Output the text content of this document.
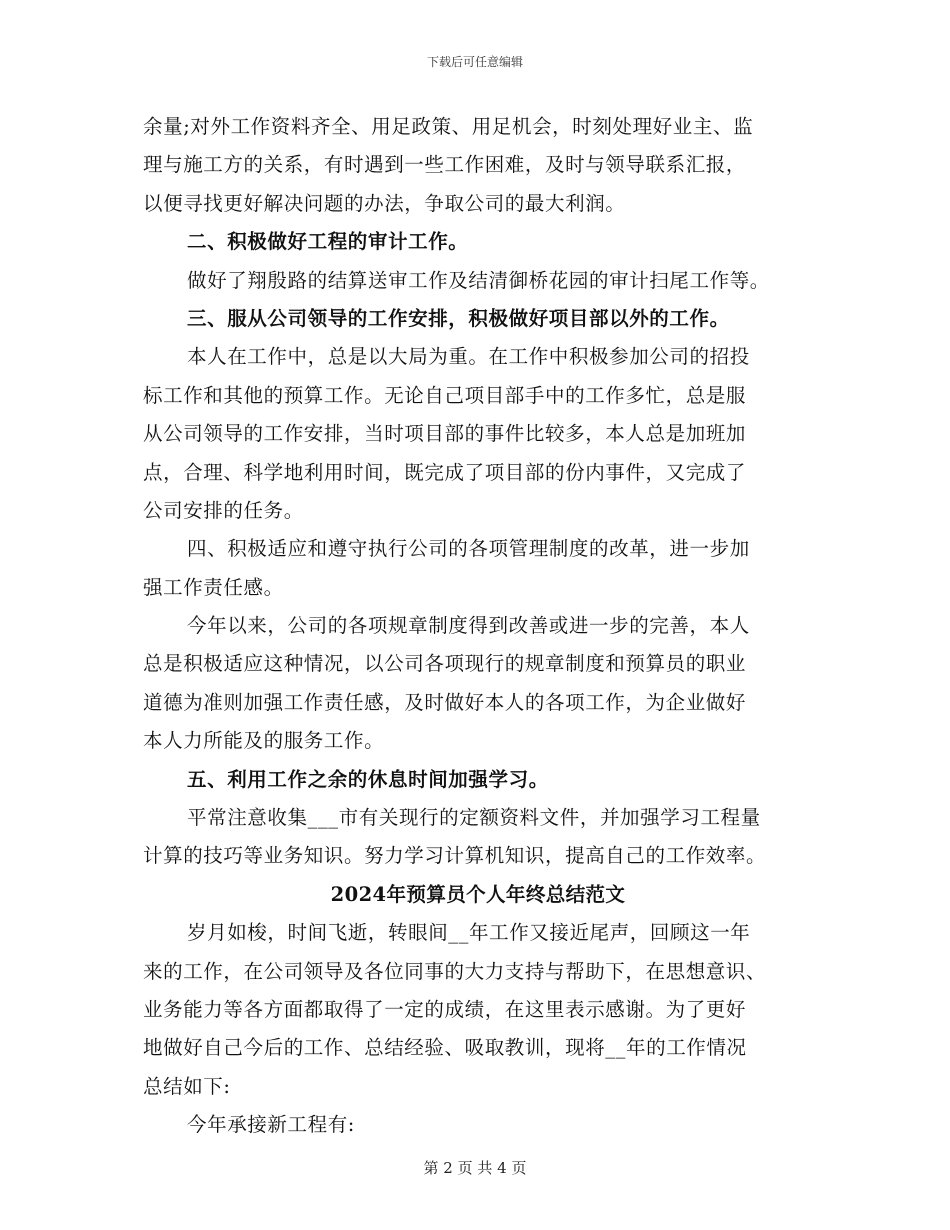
下载后可任意编辑
余量;对外工作资料齐全、用足政策、用足机会，时刻处理好业主、监
理与施工方的关系，有时遇到一些工作困难，及时与领导联系汇报，
以便寻找更好解决问题的办法，争取公司的最大利润。
二、积极做好工程的审计工作。
做好了翔殷路的结算送审工作及结清御桥花园的审计扫尾工作等。
三、服从公司领导的工作安排，积极做好项目部以外的工作。
本人在工作中，总是以大局为重。在工作中积极参加公司的招投
标工作和其他的预算工作。无论自己项目部手中的工作多忙，总是服
从公司领导的工作安排，当时项目部的事件比较多，本人总是加班加
点，合理、科学地利用时间，既完成了项目部的份内事件，又完成了
公司安排的任务。
四、积极适应和遵守执行公司的各项管理制度的改革，进一步加
强工作责任感。
今年以来，公司的各项规章制度得到改善或进一步的完善，本人
总是积极适应这种情况，以公司各项现行的规章制度和预算员的职业
道德为准则加强工作责任感，及时做好本人的各项工作，为企业做好
本人力所能及的服务工作。
五、利用工作之余的休息时间加强学习。
平常注意收集___市有关现行的定额资料文件，并加强学习工程量
计算的技巧等业务知识。努力学习计算机知识，提高自己的工作效率。
2024年预算员个人年终总结范文
岁月如梭，时间飞逝，转眼间__年工作又接近尾声，回顾这一年
来的工作，在公司领导及各位同事的大力支持与帮助下，在思想意识、
业务能力等各方面都取得了一定的成绩，在这里表示感谢。为了更好
地做好自己今后的工作、总结经验、吸取教训，现将__年的工作情况
总结如下:
今年承接新工程有:
第 2 页 共 4 页
